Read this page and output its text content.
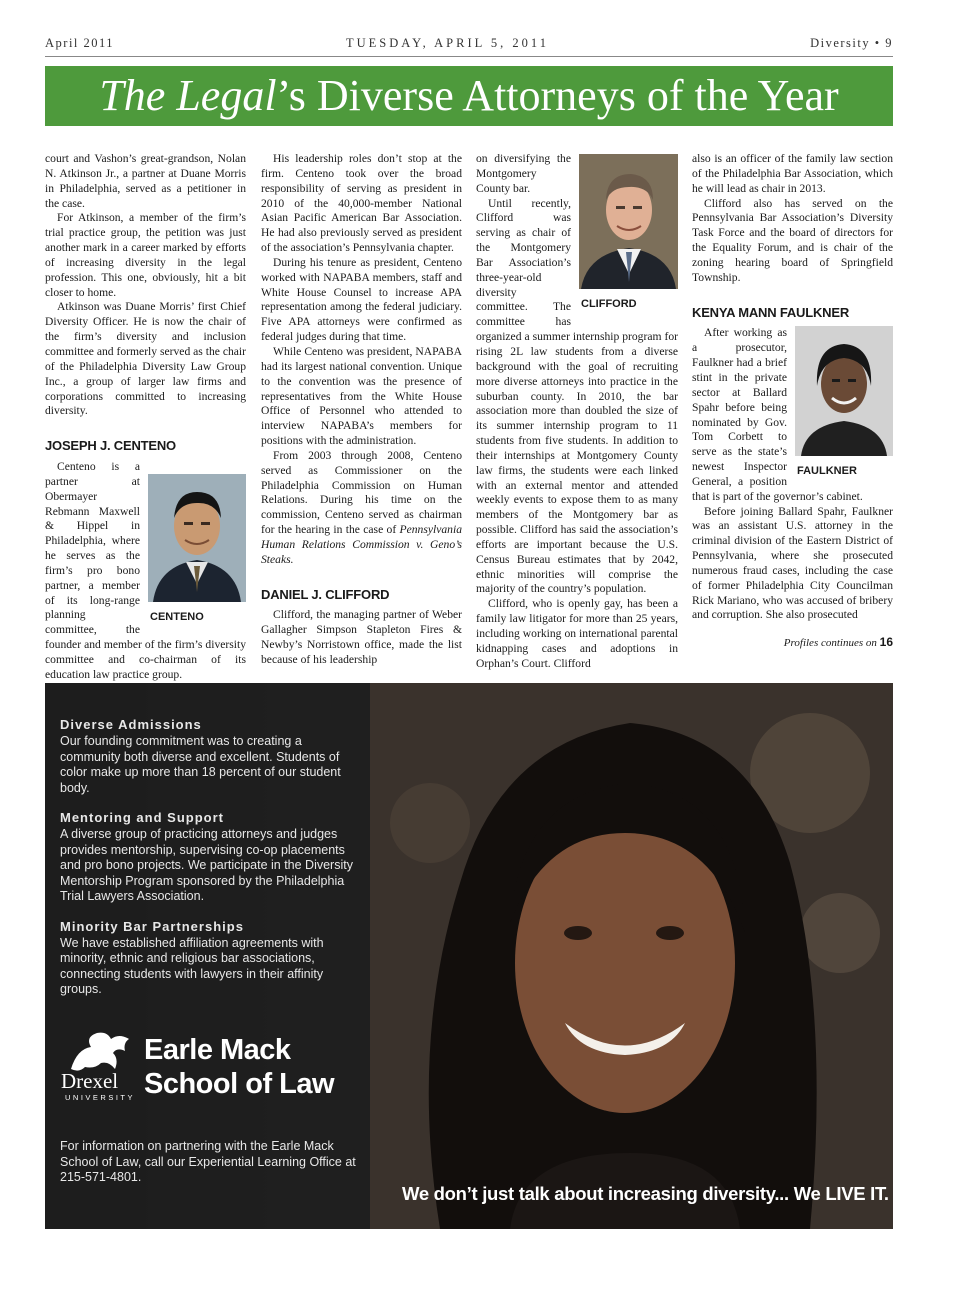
April 2011	TUESDAY, APRIL 5, 2011	Diversity • 9
The Legal’s Diverse Attorneys of the Year

court and Vashon’s great-grandson, Nolan N. Atkinson Jr., a partner at Duane Morris in Philadelphia, served as a petitioner in the case.

For Atkinson, a member of the firm’s trial practice group, the petition was just another mark in a career marked by efforts of increasing diversity in the legal profession. This one, obviously, hit a bit closer to home.

Atkinson was Duane Morris’ first Chief Diversity Officer. He is now the chair of the firm’s diversity and inclusion committee and formerly served as the chair of the Philadelphia Diversity Law Group Inc., a group of larger law firms and corporations committed to increasing diversity.

JOSEPH J. CENTENO
CENTENO

Centeno is a partner at Obermayer Rebmann Maxwell & Hippel in Philadelphia, where he serves as the firm’s pro bono partner, a member of its long-range planning committee, the founder and member of the firm’s diversity committee and co-chairman of its education law practice group.

His leadership roles don’t stop at the firm. Centeno took over the broad responsibility of serving as president in 2010 of the 40,000-member National Asian Pacific American Bar Association. He had also previously served as president of the association’s Pennsylvania chapter.

During his tenure as president, Centeno worked with NAPABA members, staff and White House Counsel to increase APA representation among the federal judiciary. Five APA attorneys were confirmed as federal judges during that time.

While Centeno was president, NAPABA had its largest national convention. Unique to the convention was the presence of representatives from the White House Office of Personnel who attended to interview NAPABA’s members for positions with the administration.

From 2003 through 2008, Centeno served as Commissioner on the Philadelphia Commission on Human Relations. During his time on the commission, Centeno served as chairman for the hearing in the case of Pennsylvania Human Relations Commission v. Geno’s Steaks.

DANIEL J. CLIFFORD

Clifford, the managing partner of Weber Gallagher Simpson Stapleton Fires & Newby’s Norristown office, made the list because of his leadership

CLIFFORD

on diversifying the Montgomery County bar.

Until recently, Clifford was serving as chair of the Montgomery Bar Association’s three-year-old diversity committee. The committee has organized a summer internship program for rising 2L law students from a diverse background with the goal of recruiting more diverse attorneys into practice in the suburban county. In 2010, the bar association more than doubled the size of its summer internship program to 11 students from five students. In addition to their internships at Montgomery County law firms, the students were each linked with an external mentor and attended weekly events to expose them to as many members of the Montgomery bar as possible. Clifford has said the association’s efforts are important because the U.S. Census Bureau estimates that by 2042, ethnic minorities will comprise the majority of the country’s population.

Clifford, who is openly gay, has been a family law litigator for more than 25 years, including working on international parental kidnapping cases and adoptions in Orphan’s Court. Clifford

also is an officer of the family law section of the Philadelphia Bar Association, which he will lead as chair in 2013.

Clifford also has served on the Pennsylvania Bar Association’s Diversity Task Force and the board of directors for the Equality Forum, and is chair of the zoning hearing board of Springfield Township.

KENYA MANN FAULKNER
FAULKNER

After working as a prosecutor, Faulkner had a brief stint in the private sector at Ballard Spahr before being nominated by Gov. Tom Corbett to serve as the state’s newest Inspector General, a position that is part of the governor’s cabinet.

Before joining Ballard Spahr, Faulkner was an assistant U.S. attorney in the criminal division of the Eastern District of Pennsylvania, where she prosecuted numerous fraud cases, including the case of former Philadelphia City Councilman Rick Mariano, who was accused of bribery and corruption. She also prosecuted

Profiles continues on 16
Diverse Admissions
Our founding commitment was to creating a community both diverse and excellent. Students of color make up more than 18 percent of our student body.
Mentoring and Support
A diverse group of practicing attorneys and judges provides mentorship, supervising co-op placements and pro bono projects. We participate in the Diversity Mentorship Program sponsored by the Philadelphia Trial Lawyers Association.
Minority Bar Partnerships
We have established affiliation agreements with minority, ethnic and religious bar associations, connecting students with lawyers in their affinity groups.
Drexel
UNIVERSITY
Earle Mack
School of Law
For information on partnering with the Earle Mack School of Law, call our Experiential Learning Office at 215-571-4801.
We don’t just talk about increasing diversity... We LIVE IT.
